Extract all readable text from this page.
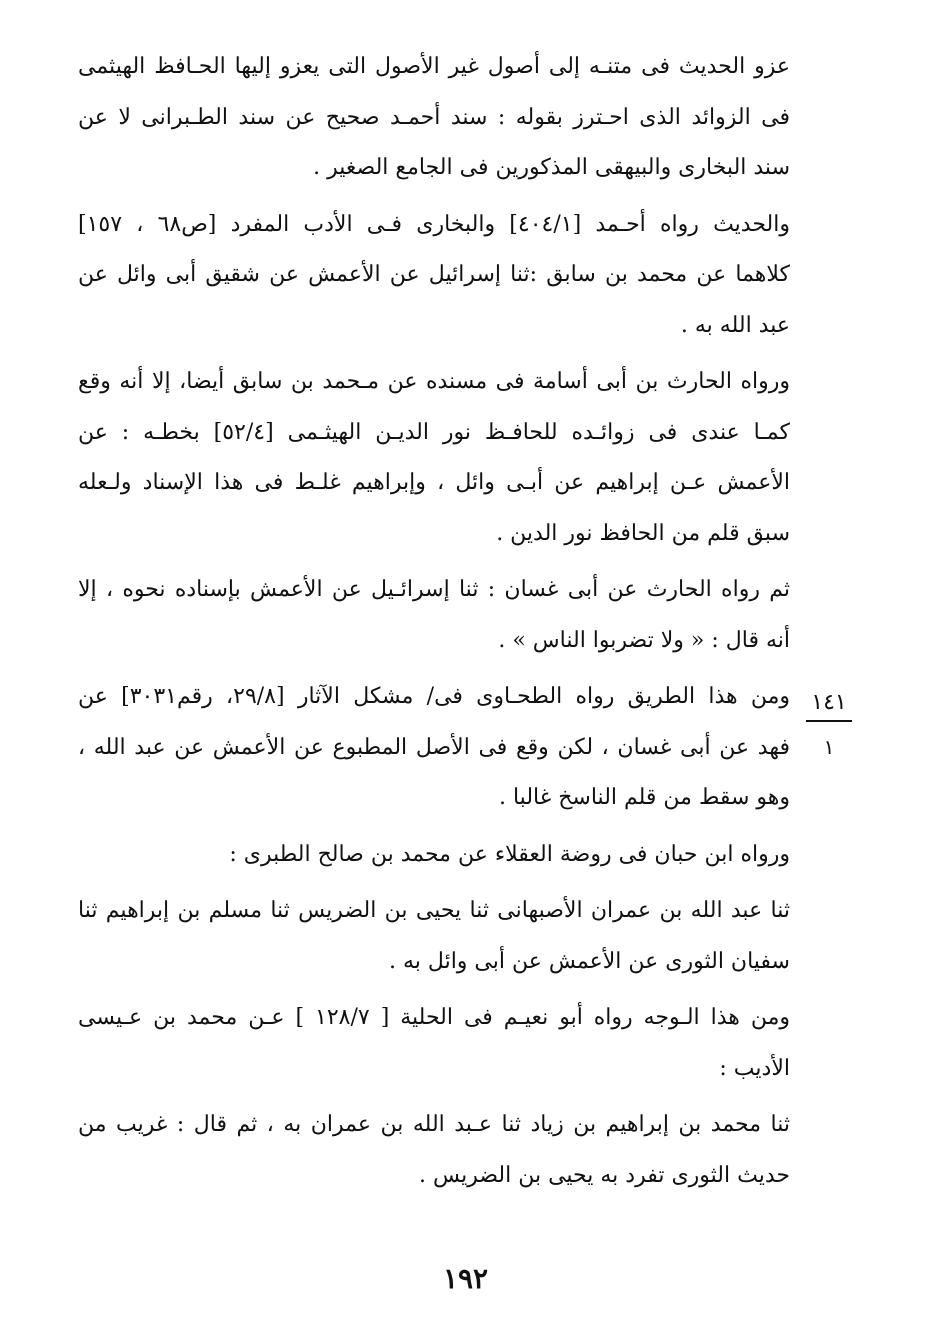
عزو الحديث فى متنـه إلى أصول غير الأصول التى يعزو إليها الحـافظ الهيثمى
فى الزوائد الذى احـترز بقوله : سند أحمـد صحيح عن سند الطـبرانى لا عن
سند البخارى والبيهقى المذكورين فى الجامع الصغير .
والحديث رواه أحـمد [٤٠٤/١] والبخارى فـى الأدب المفرد [ص٦٨ ، ١٥٧]
كلاهما عن محمد بن سابق :ثنا إسرائيل عن الأعمش عن شقيق أبى وائل عن
عبد الله به .
ورواه الحارث بن أبى أسامة فى مسنده عن مـحمد بن سابق أيضا، إلا أنه وقع
كمـا عندى فى زوائـده للحافـظ نور الديـن الهيثـمى [٥٢/٤] بخطـه : عن
الأعمش عـن إبراهيم عن أبـى وائل ، وإبراهيم غلـط فى هذا الإسناد ولـعله
سبق قلم من الحافظ نور الدين .
ثم رواه الحارث عن أبى غسان : ثنا إسرائـيل عن الأعمش بإسناده نحوه ، إلا
أنه قال : « ولا تضربوا الناس » .
ومن هذا الطريق رواه الطحـاوى فى/ مشكل الآثار [٢٩/٨، رقم٣٠٣١] عن
فهد عن أبى غسان ، لكن وقع فى الأصل المطبوع عن الأعمش عن عبد الله ،
وهو سقط من قلم الناسخ غالبا .
ورواه ابن حبان فى روضة العقلاء عن محمد بن صالح الطبرى :
ثنا عبد الله بن عمران الأصبهانى ثنا يحيى بن الضريس ثنا مسلم بن إبراهيم ثنا
سفيان الثورى عن الأعمش عن أبى وائل به .
ومن هذا الـوجه رواه أبو نعيـم فى الحلية [ ١٢٨/٧ ] عـن محمد بن عـيسى
الأديب :
ثنا محمد بن إبراهيم بن زياد ثنا عـبد الله بن عمران به ، ثم قال : غريب من
حديث الثورى تفرد به يحيى بن الضريس .
١٤١
١
١٩٢
